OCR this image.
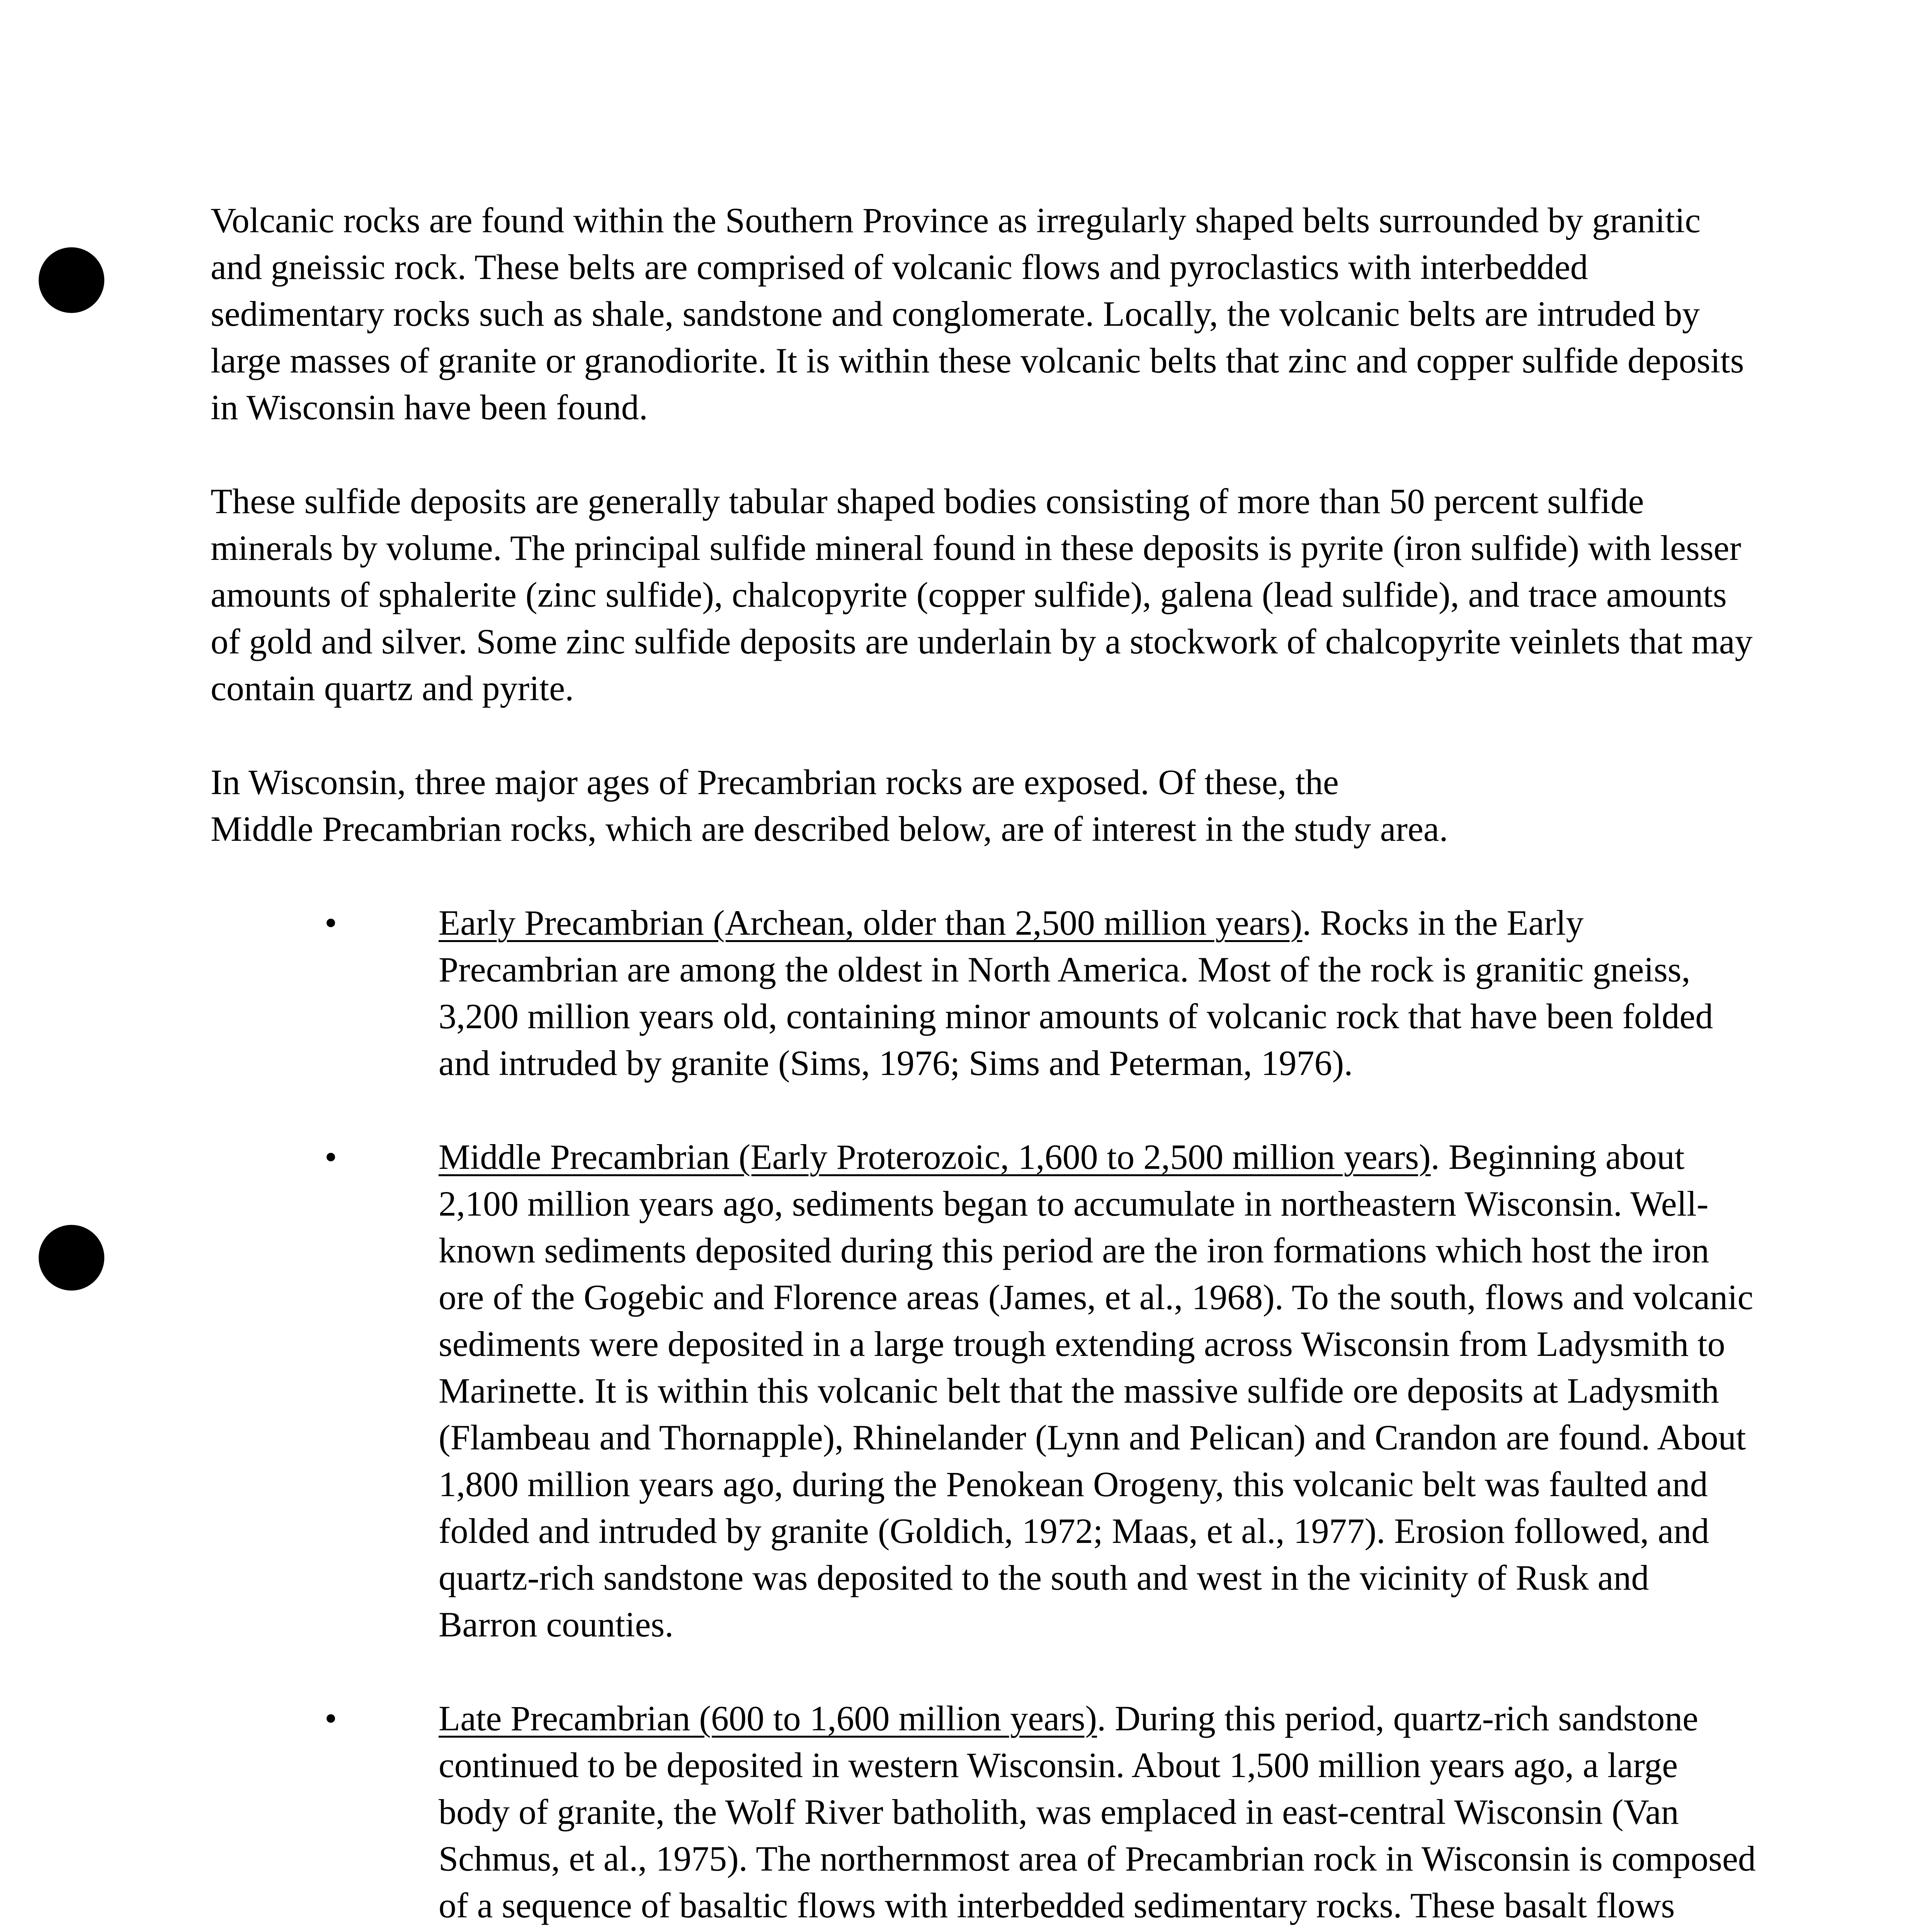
Volcanic rocks are found within the Southern Province as irregularly shaped belts surrounded by granitic and gneissic rock. These belts are comprised of volcanic flows and pyroclastics with interbedded sedimentary rocks such as shale, sandstone and conglomerate. Locally, the volcanic belts are intruded by large masses of granite or granodiorite. It is within these volcanic belts that zinc and copper sulfide deposits in Wisconsin have been found.

These sulfide deposits are generally tabular shaped bodies consisting of more than 50 percent sulfide minerals by volume. The principal sulfide mineral found in these deposits is pyrite (iron sulfide) with lesser amounts of sphalerite (zinc sulfide), chalcopyrite (copper sulfide), galena (lead sulfide), and trace amounts of gold and silver. Some zinc sulfide deposits are underlain by a stockwork of chalcopyrite veinlets that may contain quartz and pyrite.

In Wisconsin, three major ages of Precambrian rocks are exposed. Of these, the
Middle Precambrian rocks, which are described below, are of interest in the study area.

•	Early Precambrian (Archean, older than 2,500 million years). Rocks in the Early Precambrian are among the oldest in North America. Most of the rock is granitic gneiss, 3,200 million years old, containing minor amounts of volcanic rock that have been folded and intruded by granite (Sims, 1976; Sims and Peterman, 1976).
•	Middle Precambrian (Early Proterozoic, 1,600 to 2,500 million years). Beginning about 2,100 million years ago, sediments began to accumulate in northeastern Wisconsin. Well-known sediments deposited during this period are the iron formations which host the iron ore of the Gogebic and Florence areas (James, et al., 1968). To the south, flows and volcanic sediments were deposited in a large trough extending across Wisconsin from Ladysmith to Marinette. It is within this volcanic belt that the massive sulfide ore deposits at Ladysmith (Flambeau and Thornapple), Rhinelander (Lynn and Pelican) and Crandon are found. About 1,800 million years ago, during the Penokean Orogeny, this volcanic belt was faulted and folded and intruded by granite (Goldich, 1972; Maas, et al., 1977). Erosion followed, and quartz-rich sandstone was deposited to the south and west in the vicinity of Rusk and Barron counties.
•	Late Precambrian (600 to 1,600 million years). During this period, quartz-rich sandstone continued to be deposited in western Wisconsin. About 1,500 million years ago, a large body of granite, the Wolf River batholith, was emplaced in east-central Wisconsin (Van Schmus, et al., 1975). The northernmost area of Precambrian rock in Wisconsin is composed of a sequence of basaltic flows with interbedded sedimentary rocks. These basalt flows
